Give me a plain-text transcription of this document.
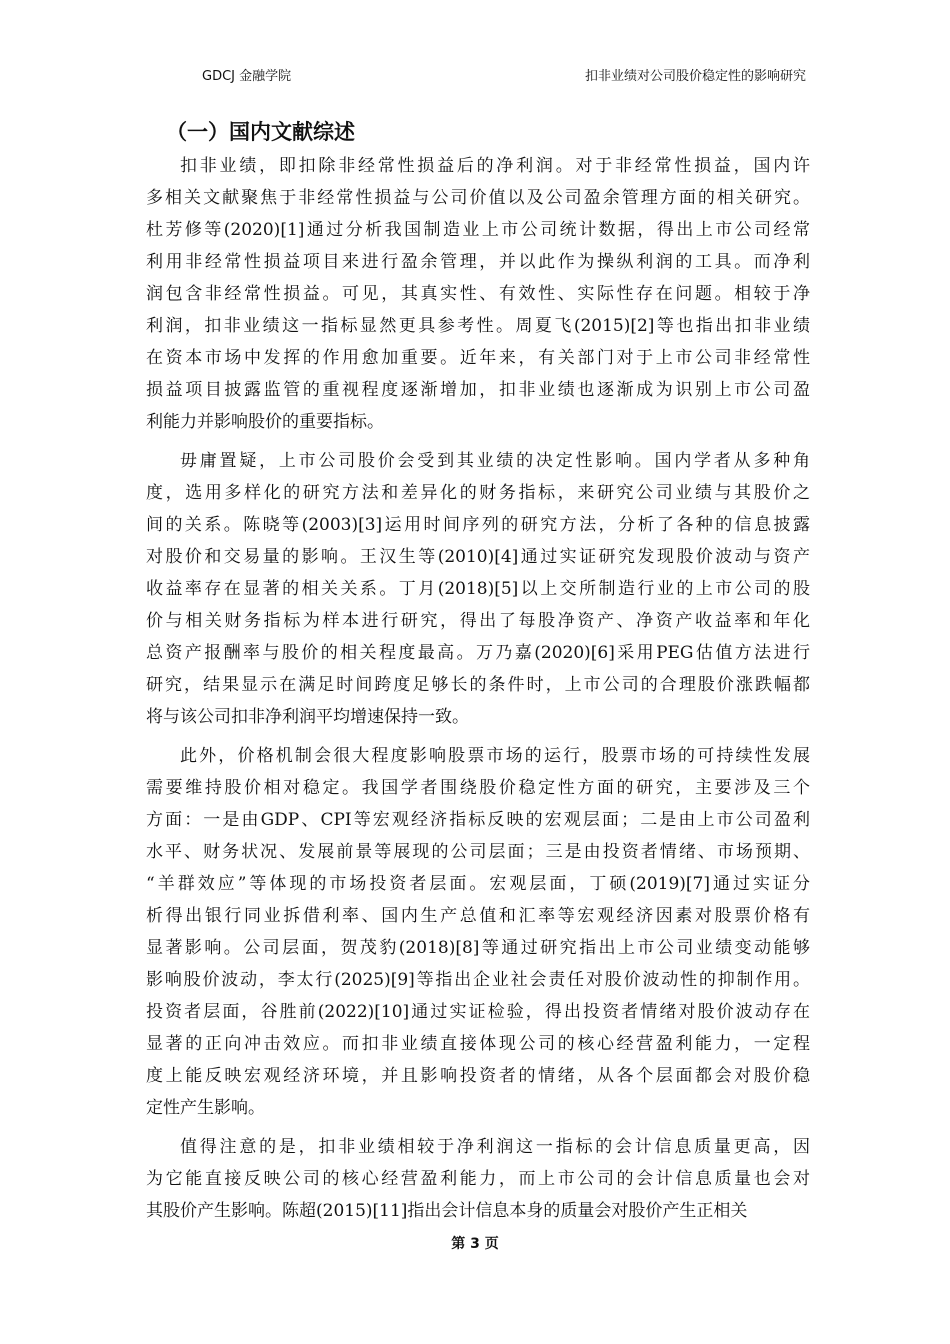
GDCJ 金融学院	扣非业绩对公司股价稳定性的影响研究
（一）国内文献综述
扣非业绩，即扣除非经常性损益后的净利润。对于非经常性损益，国内许
多相关文献聚焦于非经常性损益与公司价值以及公司盈余管理方面的相关研究。
杜芳修等(2020)[1]通过分析我国制造业上市公司统计数据，得出上市公司经常
利用非经常性损益项目来进行盈余管理，并以此作为操纵利润的工具。而净利
润包含非经常性损益。可见，其真实性、有效性、实际性存在问题。相较于净
利润，扣非业绩这一指标显然更具参考性。周夏飞(2015)[2]等也指出扣非业绩
在资本市场中发挥的作用愈加重要。近年来，有关部门对于上市公司非经常性
损益项目披露监管的重视程度逐渐增加，扣非业绩也逐渐成为识别上市公司盈
利能力并影响股价的重要指标。
毋庸置疑，上市公司股价会受到其业绩的决定性影响。国内学者从多种角
度，选用多样化的研究方法和差异化的财务指标，来研究公司业绩与其股价之
间的关系。陈晓等(2003)[3]运用时间序列的研究方法，分析了各种的信息披露
对股价和交易量的影响。王汉生等(2010)[4]通过实证研究发现股价波动与资产
收益率存在显著的相关关系。丁月(2018)[5]以上交所制造行业的上市公司的股
价与相关财务指标为样本进行研究，得出了每股净资产、净资产收益率和年化
总资产报酬率与股价的相关程度最高。万乃嘉(2020)[6]采用PEG估值方法进行
研究，结果显示在满足时间跨度足够长的条件时，上市公司的合理股价涨跌幅都
将与该公司扣非净利润平均增速保持一致。
此外，价格机制会很大程度影响股票市场的运行，股票市场的可持续性发展
需要维持股价相对稳定。我国学者围绕股价稳定性方面的研究，主要涉及三个
方面：一是由GDP、CPI等宏观经济指标反映的宏观层面；二是由上市公司盈利
水平、财务状况、发展前景等展现的公司层面；三是由投资者情绪、市场预期、
“羊群效应”等体现的市场投资者层面。宏观层面，丁硕(2019)[7]通过实证分
析得出银行同业拆借利率、国内生产总值和汇率等宏观经济因素对股票价格有
显著影响。公司层面，贺茂豹(2018)[8]等通过研究指出上市公司业绩变动能够
影响股价波动，李太行(2025)[9]等指出企业社会责任对股价波动性的抑制作用。
投资者层面，谷胜前(2022)[10]通过实证检验，得出投资者情绪对股价波动存在
显著的正向冲击效应。而扣非业绩直接体现公司的核心经营盈利能力，一定程
度上能反映宏观经济环境，并且影响投资者的情绪，从各个层面都会对股价稳
定性产生影响。
值得注意的是，扣非业绩相较于净利润这一指标的会计信息质量更高，因
为它能直接反映公司的核心经营盈利能力，而上市公司的会计信息质量也会对
其股价产生影响。陈超(2015)[11]指出会计信息本身的质量会对股价产生正相关
第 3 页
